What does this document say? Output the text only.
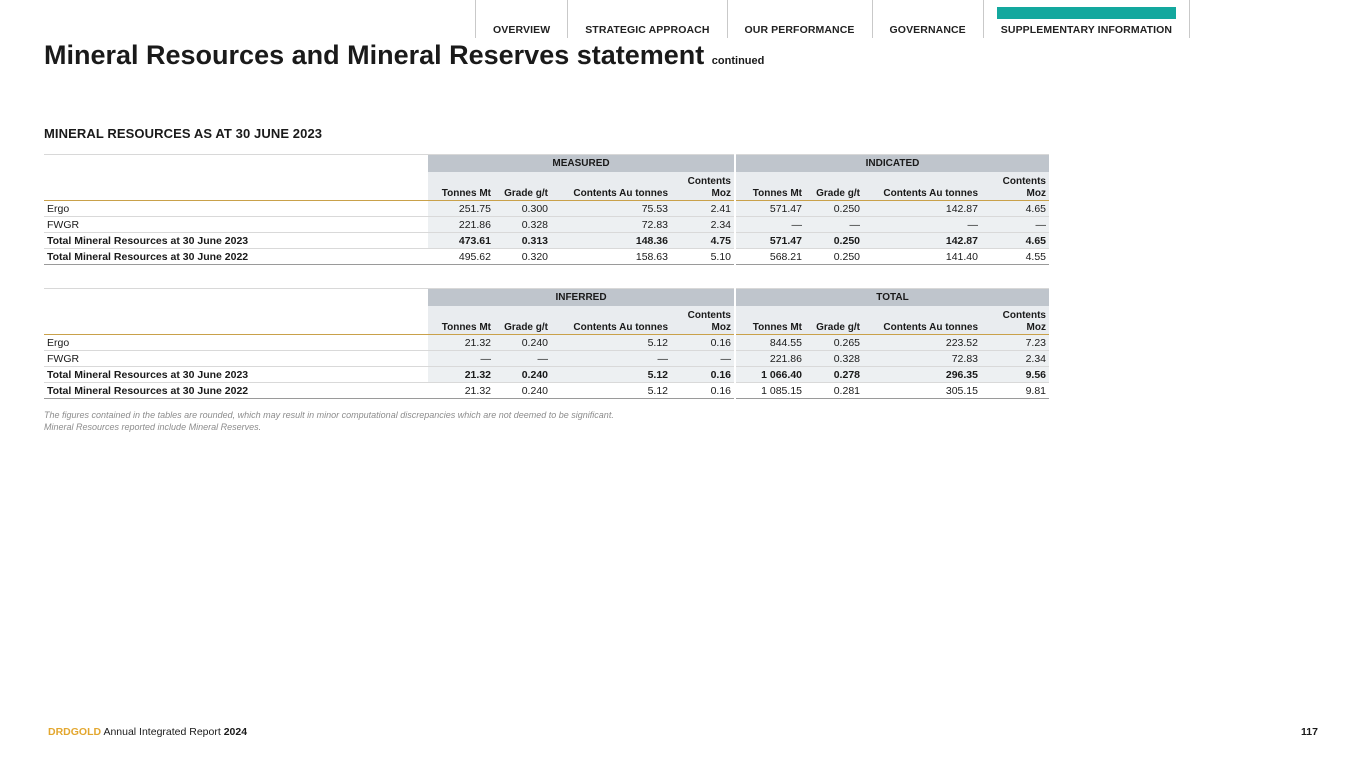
OVERVIEW	STRATEGIC APPROACH	OUR PERFORMANCE	GOVERNANCE	SUPPLEMENTARY INFORMATION
Mineral Resources and Mineral Reserves statement continued
MINERAL RESOURCES AS AT 30 JUNE 2023
	MEASURED				INDICATED			
	Tonnes Mt	Grade g/t	Contents Au tonnes	Contents Moz	Tonnes Mt	Grade g/t	Contents Au tonnes	Contents Moz
Ergo	251.75	0.300	75.53	2.41	571.47	0.250	142.87	4.65
FWGR	221.86	0.328	72.83	2.34	—	—	—	—
Total Mineral Resources at 30 June 2023	473.61	0.313	148.36	4.75	571.47	0.250	142.87	4.65
Total Mineral Resources at 30 June 2022	495.62	0.320	158.63	5.10	568.21	0.250	141.40	4.55
	INFERRED				TOTAL			
	Tonnes Mt	Grade g/t	Contents Au tonnes	Contents Moz	Tonnes Mt	Grade g/t	Contents Au tonnes	Contents Moz
Ergo	21.32	0.240	5.12	0.16	844.55	0.265	223.52	7.23
FWGR	—	—	—	—	221.86	0.328	72.83	2.34
Total Mineral Resources at 30 June 2023	21.32	0.240	5.12	0.16	1 066.40	0.278	296.35	9.56
Total Mineral Resources at 30 June 2022	21.32	0.240	5.12	0.16	1 085.15	0.281	305.15	9.81
The figures contained in the tables are rounded, which may result in minor computational discrepancies which are not deemed to be significant.
Mineral Resources reported include Mineral Reserves.
DRDGOLD Annual Integrated Report 2024	117
